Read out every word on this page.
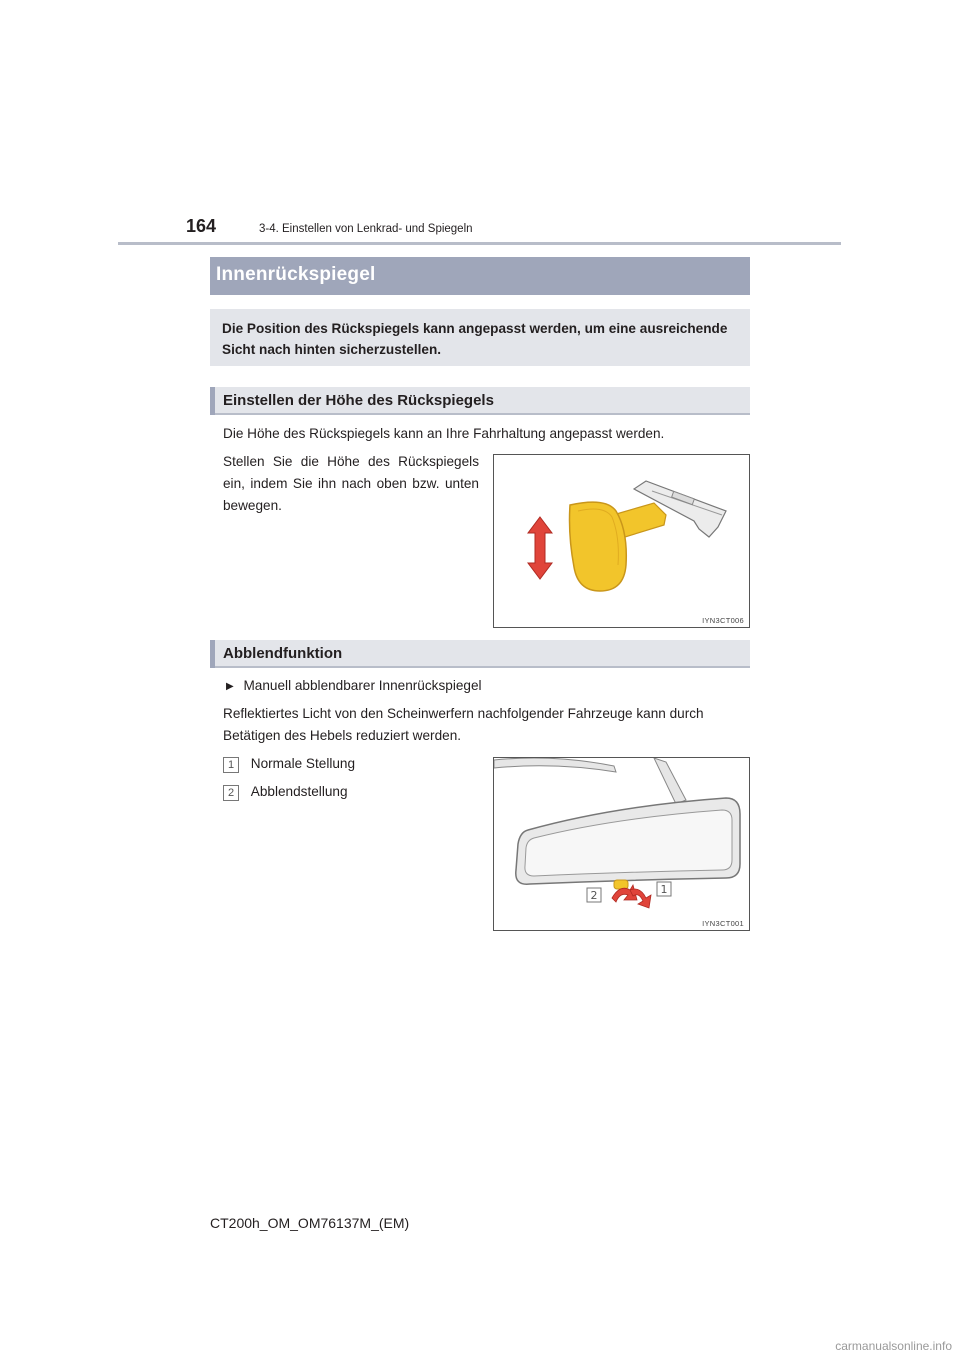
164	3-4. Einstellen von Lenkrad- und Spiegeln
Innenrückspiegel

Die Position des Rückspiegels kann angepasst werden, um eine ausreichende Sicht nach hinten sicherzustellen.

Einstellen der Höhe des Rückspiegels

Die Höhe des Rückspiegels kann an Ihre Fahrhaltung angepasst werden.

Stellen Sie die Höhe des Rückspiegels ein, indem Sie ihn nach oben bzw. unten bewegen.

IYN3CT006
Abblendfunktion
▶ Manuell abblendbarer Innenrückspiegel

Reflektiertes Licht von den Scheinwerfern nachfolgender Fahrzeuge kann durch Betätigen des Hebels reduziert werden.

1 Normale Stellung
2 Abblendstellung
2	1
IYN3CT001
CT200h_OM_OM76137M_(EM)
carmanualsonline.info
